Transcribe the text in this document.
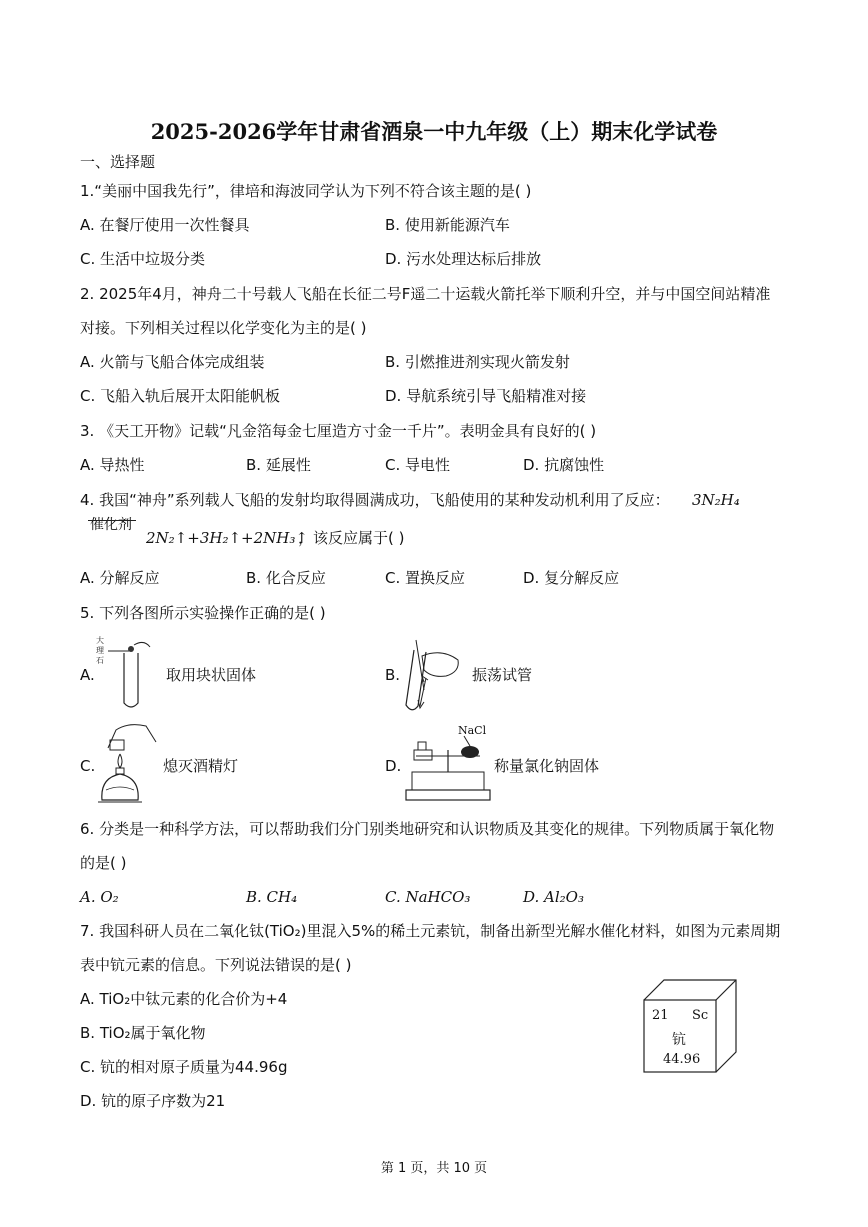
2025-2026学年甘肃省酒泉一中九年级（上）期末化学试卷
一、选择题
1.“美丽中国我先行”，律培和海波同学认为下列不符合该主题的是( )
A. 在餐厅使用一次性餐具	B. 使用新能源汽车
C. 生活中垃圾分类	D. 污水处理达标后排放
2. 2025年4月，神舟二十号载人飞船在长征二号F遥二十运载火箭托举下顺利升空，并与中国空间站精准
对接。下列相关过程以化学变化为主的是( )
A. 火箭与飞船合体完成组装	B. 引燃推进剂实现火箭发射
C. 飞船入轨后展开太阳能帆板	D. 导航系统引导飞船精准对接
3. 《天工开物》记载“凡金箔每金七厘造方寸金一千片”。表明金具有良好的( )
A. 导热性	B. 延展性	C. 导电性	D. 抗腐蚀性
4. 我国“神舟”系列载人飞船的发射均取得圆满成功，飞船使用的某种发动机利用了反应： 3N₂H₄
催化剂
2N₂↑+3H₂↑+2NH₃↑
，该反应属于( )
A. 分解反应	B. 化合反应	C. 置换反应	D. 复分解反应
5. 下列各图所示实验操作正确的是( )
A.
大
理
石
取用块状固体	B.	振荡试管
C.	熄灭酒精灯	D.
NaCl
称量氯化钠固体
6. 分类是一种科学方法，可以帮助我们分门别类地研究和认识物质及其变化的规律。下列物质属于氧化物
的是( )
A. O₂	B. CH₄	C. NaHCO₃	D. Al₂O₃
7. 我国科研人员在二氧化钛(TiO₂)里混入5%的稀土元素钪，制备出新型光解水催化材料，如图为元素周期
表中钪元素的信息。下列说法错误的是( )
A. TiO₂中钛元素的化合价为+4
B. TiO₂属于氧化物
C. 钪的相对原子质量为44.96g
D. 钪的原子序数为21
21 Sc
钪
44.96
第 1 页，共 10 页
